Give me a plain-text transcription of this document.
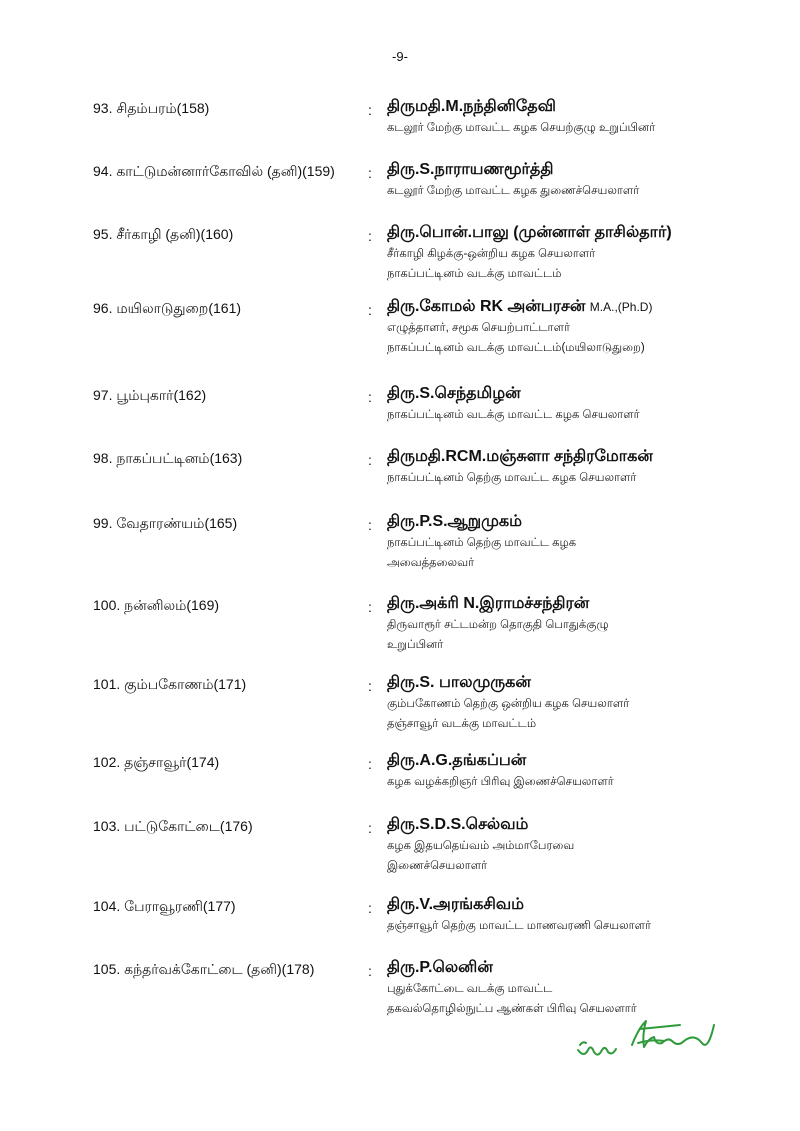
-9-
93. சிதம்பரம்(158)	: திருமதி.M.நந்தினிதேவி
கடலூர் மேற்கு மாவட்ட கழக செயற்குழு உறுப்பினர்
94. காட்டுமன்னார்கோவில் (தனி)(159) : திரு.S.நாராயணமூர்த்தி
கடலூர் மேற்கு மாவட்ட கழக துணைச்செயலாளர்
95. சீர்காழி (தனி)(160)	: திரு.பொன்.பாலு (முன்னாள் தாசில்தார்)
சீர்காழி கிழக்கு-ஒன்றிய கழக செயலாளர்
நாகப்பட்டினம் வடக்கு மாவட்டம்
96. மயிலாடுதுறை(161)	: திரு.கோமல் RK அன்பரசன் M.A.,(Ph.D)
எழுத்தாளர், சமூக செயற்பாட்டாளர்
நாகப்பட்டினம் வடக்கு மாவட்டம்(மயிலாடுதுறை)
97. பூம்புகார்(162)	: திரு.S.செந்தமிழன்
நாகப்பட்டினம் வடக்கு மாவட்ட கழக செயலாளர்
98. நாகப்பட்டினம்(163)	: திருமதி.RCM.மஞ்சுளா சந்திரமோகன்
நாகப்பட்டினம் தெற்கு மாவட்ட கழக செயலாளர்
99. வேதாரண்யம்(165)	: திரு.P.S.ஆறுமுகம்
நாகப்பட்டினம் தெற்கு மாவட்ட கழக
அவைத்தலைவர்
100. நன்னிலம்(169)	: திரு.அக்ரி N.இராமச்சந்திரன்
திருவாரூர் சட்டமன்ற தொகுதி பொதுக்குழு
உறுப்பினர்
101. கும்பகோணம்(171)	: திரு.S. பாலமுருகன்
கும்பகோணம் தெற்கு ஒன்றிய கழக செயலாளர்
தஞ்சாவூர் வடக்கு மாவட்டம்
102. தஞ்சாவூர்(174)	: திரு.A.G.தங்கப்பன்
கழக வழக்கறிஞர் பிரிவு இணைச்செயலாளர்
103. பட்டுகோட்டை(176)	: திரு.S.D.S.செல்வம்
கழக இதயதெய்வம் அம்மாபேரவை
இணைச்செயலாளர்
104. பேராவூரணி(177)	: திரு.V.அரங்கசிவம்
தஞ்சாவூர் தெற்கு மாவட்ட மாணவரணி செயலாளர்
105. கந்தர்வக்கோட்டை (தனி)(178)	: திரு.P.லெனின்
புதுக்கோட்டை வடக்கு மாவட்ட
தகவல்தொழில்நுட்ப ஆண்கள் பிரிவு செயலளார்
